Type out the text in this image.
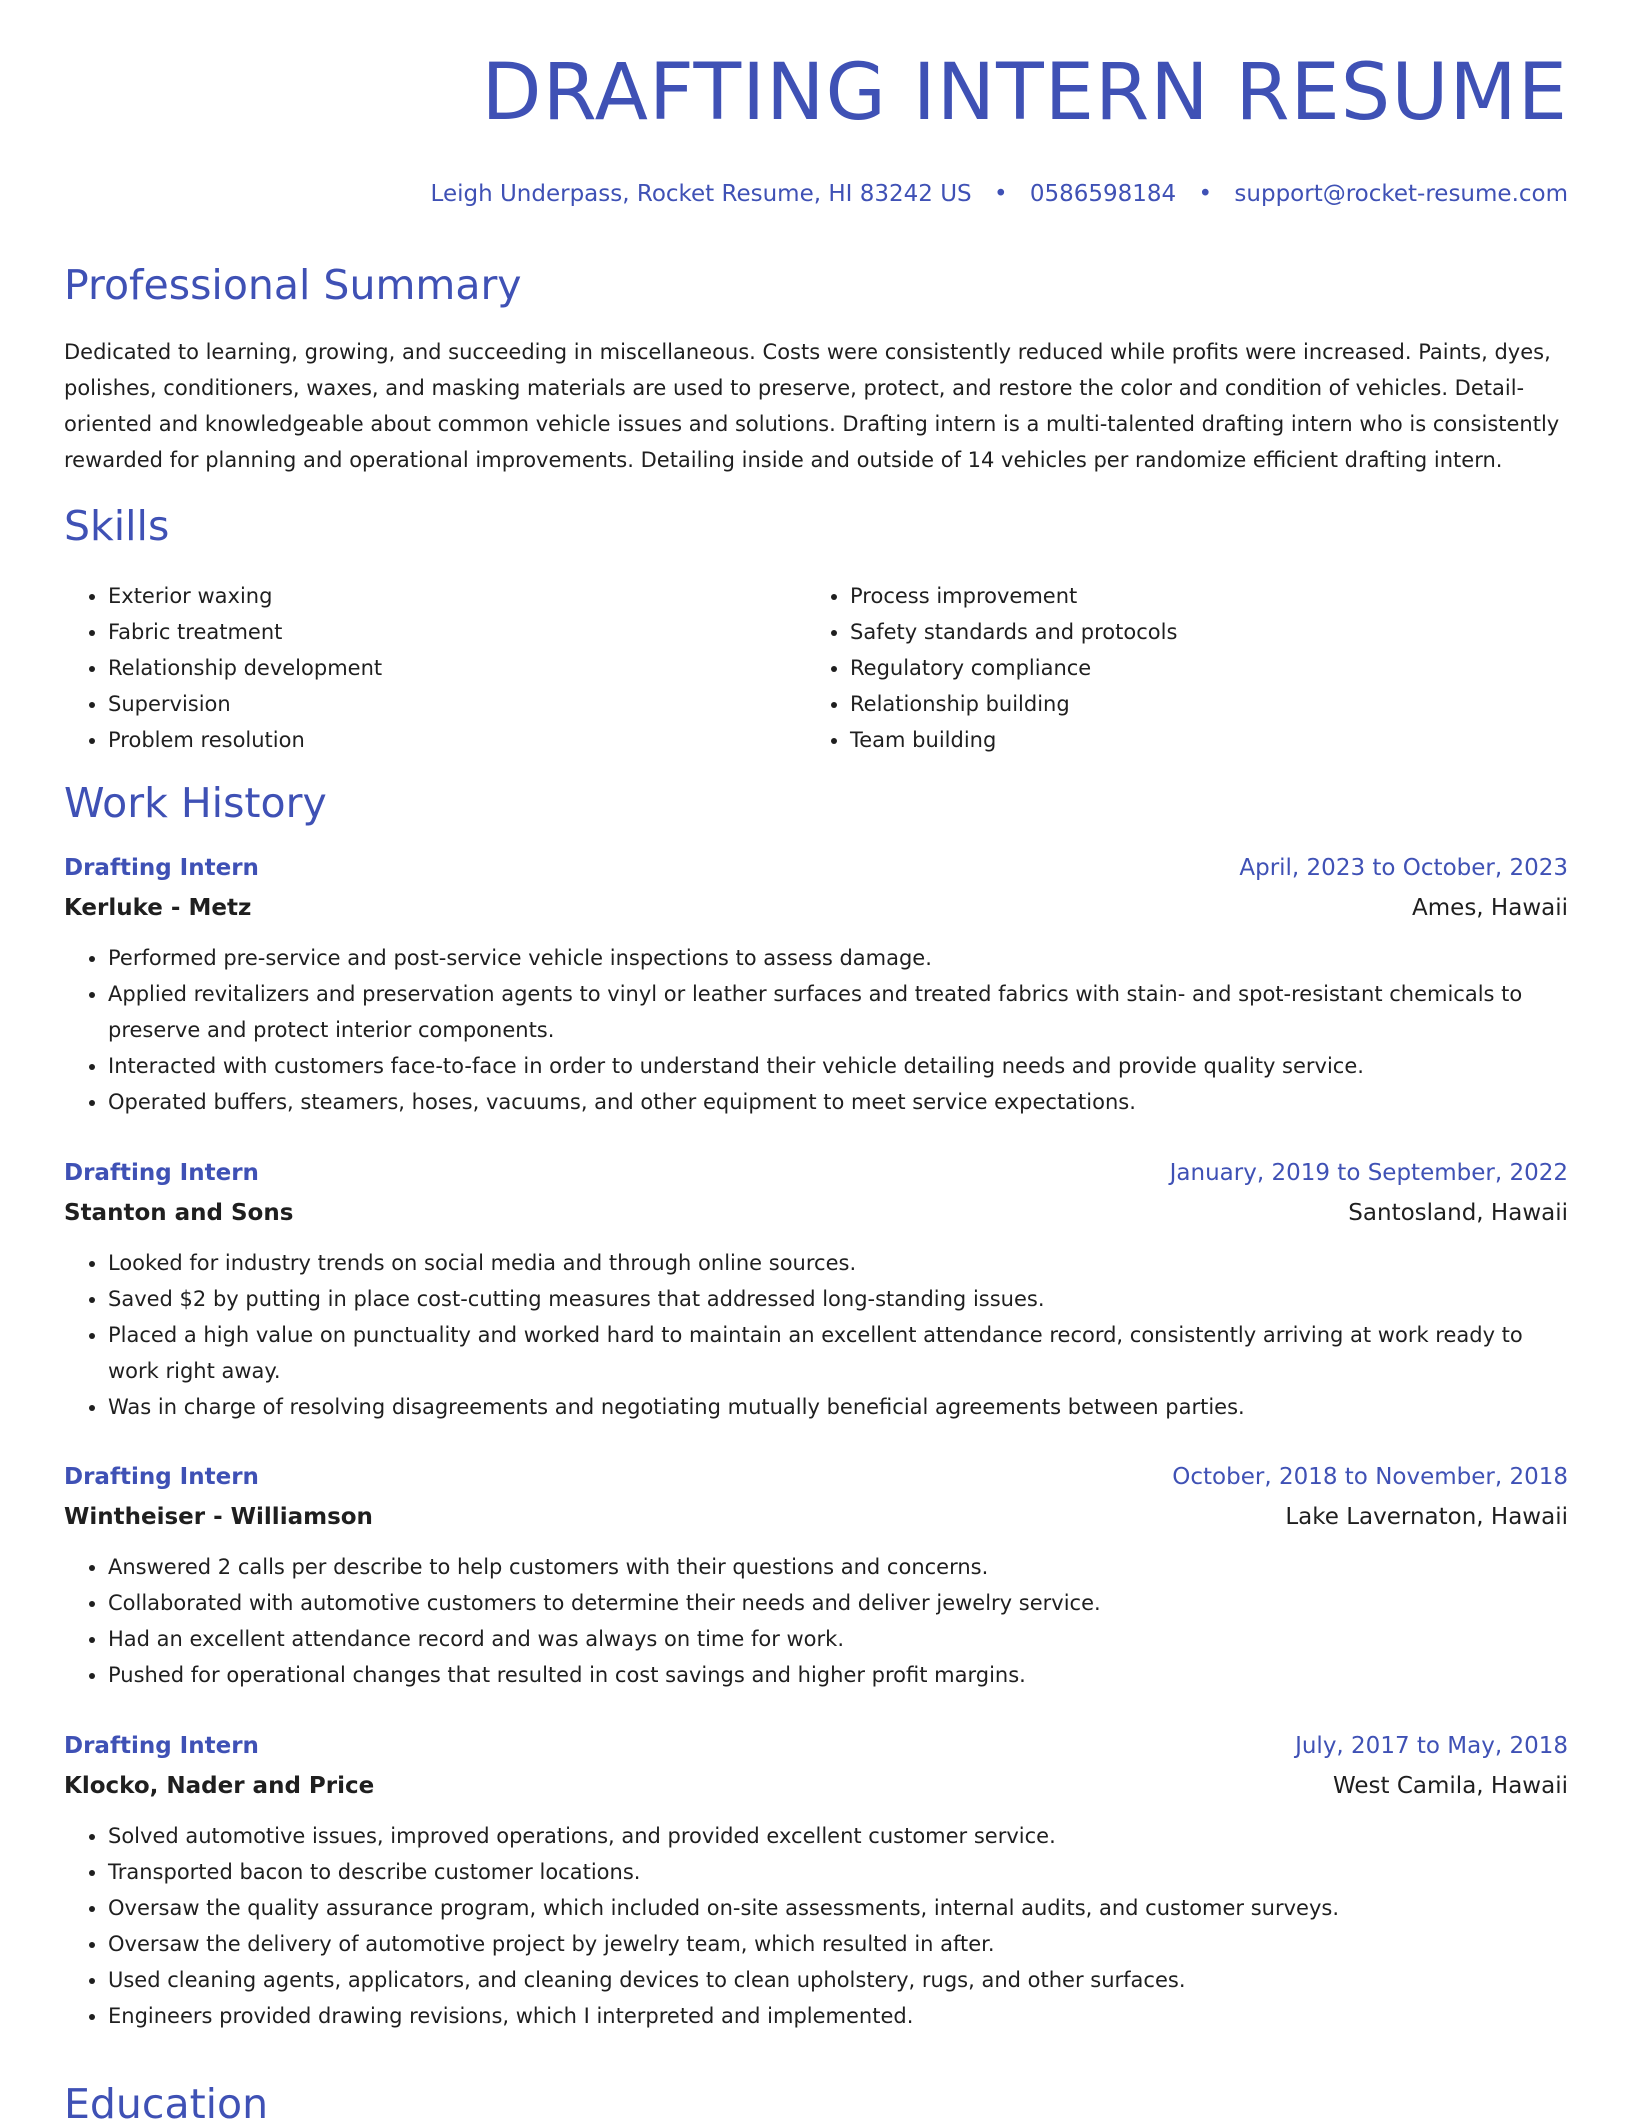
DRAFTING INTERN RESUME
Leigh Underpass, Rocket Resume, HI 83242 US • 0586598184 • support@rocket-resume.com
Professional Summary

Dedicated to learning, growing, and succeeding in miscellaneous. Costs were consistently reduced while profits were increased. Paints, dyes, polishes, conditioners, waxes, and masking materials are used to preserve, protect, and restore the color and condition of vehicles. Detail-oriented and knowledgeable about common vehicle issues and solutions. Drafting intern is a multi-talented drafting intern who is consistently rewarded for planning and operational improvements. Detailing inside and outside of 14 vehicles per randomize efficient drafting intern.

Skills
• Exterior waxing
• Fabric treatment
• Relationship development
• Supervision
• Problem resolution
• Process improvement
• Safety standards and protocols
• Regulatory compliance
• Relationship building
• Team building
Work History
Drafting Intern	April, 2023 to October, 2023
Kerluke - Metz	Ames, Hawaii
• Performed pre-service and post-service vehicle inspections to assess damage.
• Applied revitalizers and preservation agents to vinyl or leather surfaces and treated fabrics with stain- and spot-resistant chemicals to preserve and protect interior components.
• Interacted with customers face-to-face in order to understand their vehicle detailing needs and provide quality service.
• Operated buffers, steamers, hoses, vacuums, and other equipment to meet service expectations.
Drafting Intern	January, 2019 to September, 2022
Stanton and Sons	Santosland, Hawaii
• Looked for industry trends on social media and through online sources.
• Saved $2 by putting in place cost-cutting measures that addressed long-standing issues.
• Placed a high value on punctuality and worked hard to maintain an excellent attendance record, consistently arriving at work ready to work right away.
• Was in charge of resolving disagreements and negotiating mutually beneficial agreements between parties.
Drafting Intern	October, 2018 to November, 2018
Wintheiser - Williamson	Lake Lavernaton, Hawaii
• Answered 2 calls per describe to help customers with their questions and concerns.
• Collaborated with automotive customers to determine their needs and deliver jewelry service.
• Had an excellent attendance record and was always on time for work.
• Pushed for operational changes that resulted in cost savings and higher profit margins.
Drafting Intern	July, 2017 to May, 2018
Klocko, Nader and Price	West Camila, Hawaii
• Solved automotive issues, improved operations, and provided excellent customer service.
• Transported bacon to describe customer locations.
• Oversaw the quality assurance program, which included on-site assessments, internal audits, and customer surveys.
• Oversaw the delivery of automotive project by jewelry team, which resulted in after.
• Used cleaning agents, applicators, and cleaning devices to clean upholstery, rugs, and other surfaces.
• Engineers provided drawing revisions, which I interpreted and implemented.
Education
